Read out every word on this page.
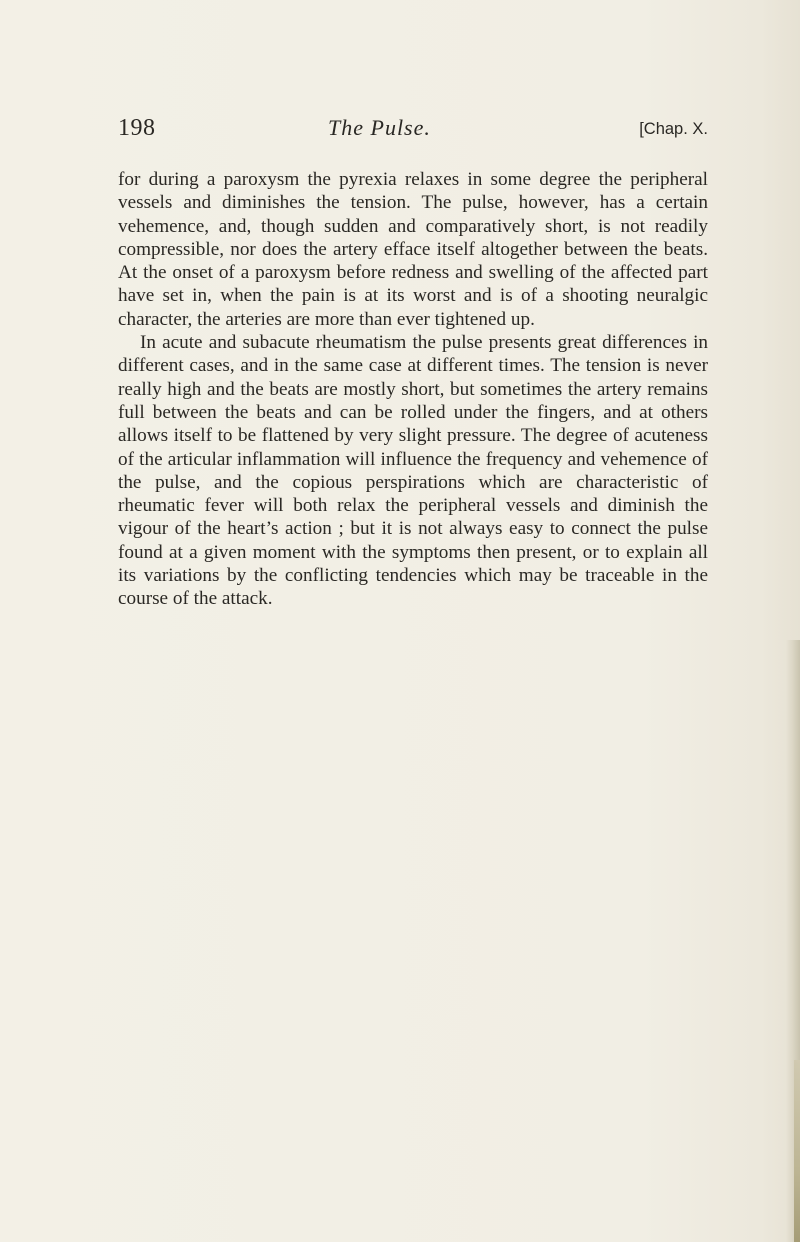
198	The Pulse.	[Chap. X.

for during a paroxysm the pyrexia relaxes in some degree the peripheral vessels and diminishes the tension. The pulse, however, has a certain vehemence, and, though sudden and comparatively short, is not readily compressible, nor does the artery efface itself altogether between the beats. At the onset of a paroxysm before redness and swelling of the affected part have set in, when the pain is at its worst and is of a shooting neuralgic character, the arteries are more than ever tightened up.

In acute and subacute rheumatism the pulse presents great differences in different cases, and in the same case at different times. The tension is never really high and the beats are mostly short, but sometimes the artery remains full between the beats and can be rolled under the fingers, and at others allows itself to be flattened by very slight pressure. The degree of acuteness of the articular inflammation will influence the frequency and vehemence of the pulse, and the copious perspirations which are characteristic of rheumatic fever will both relax the peripheral vessels and diminish the vigour of the heart’s action ; but it is not always easy to connect the pulse found at a given moment with the symptoms then present, or to explain all its variations by the conflicting tendencies which may be traceable in the course of the attack.
